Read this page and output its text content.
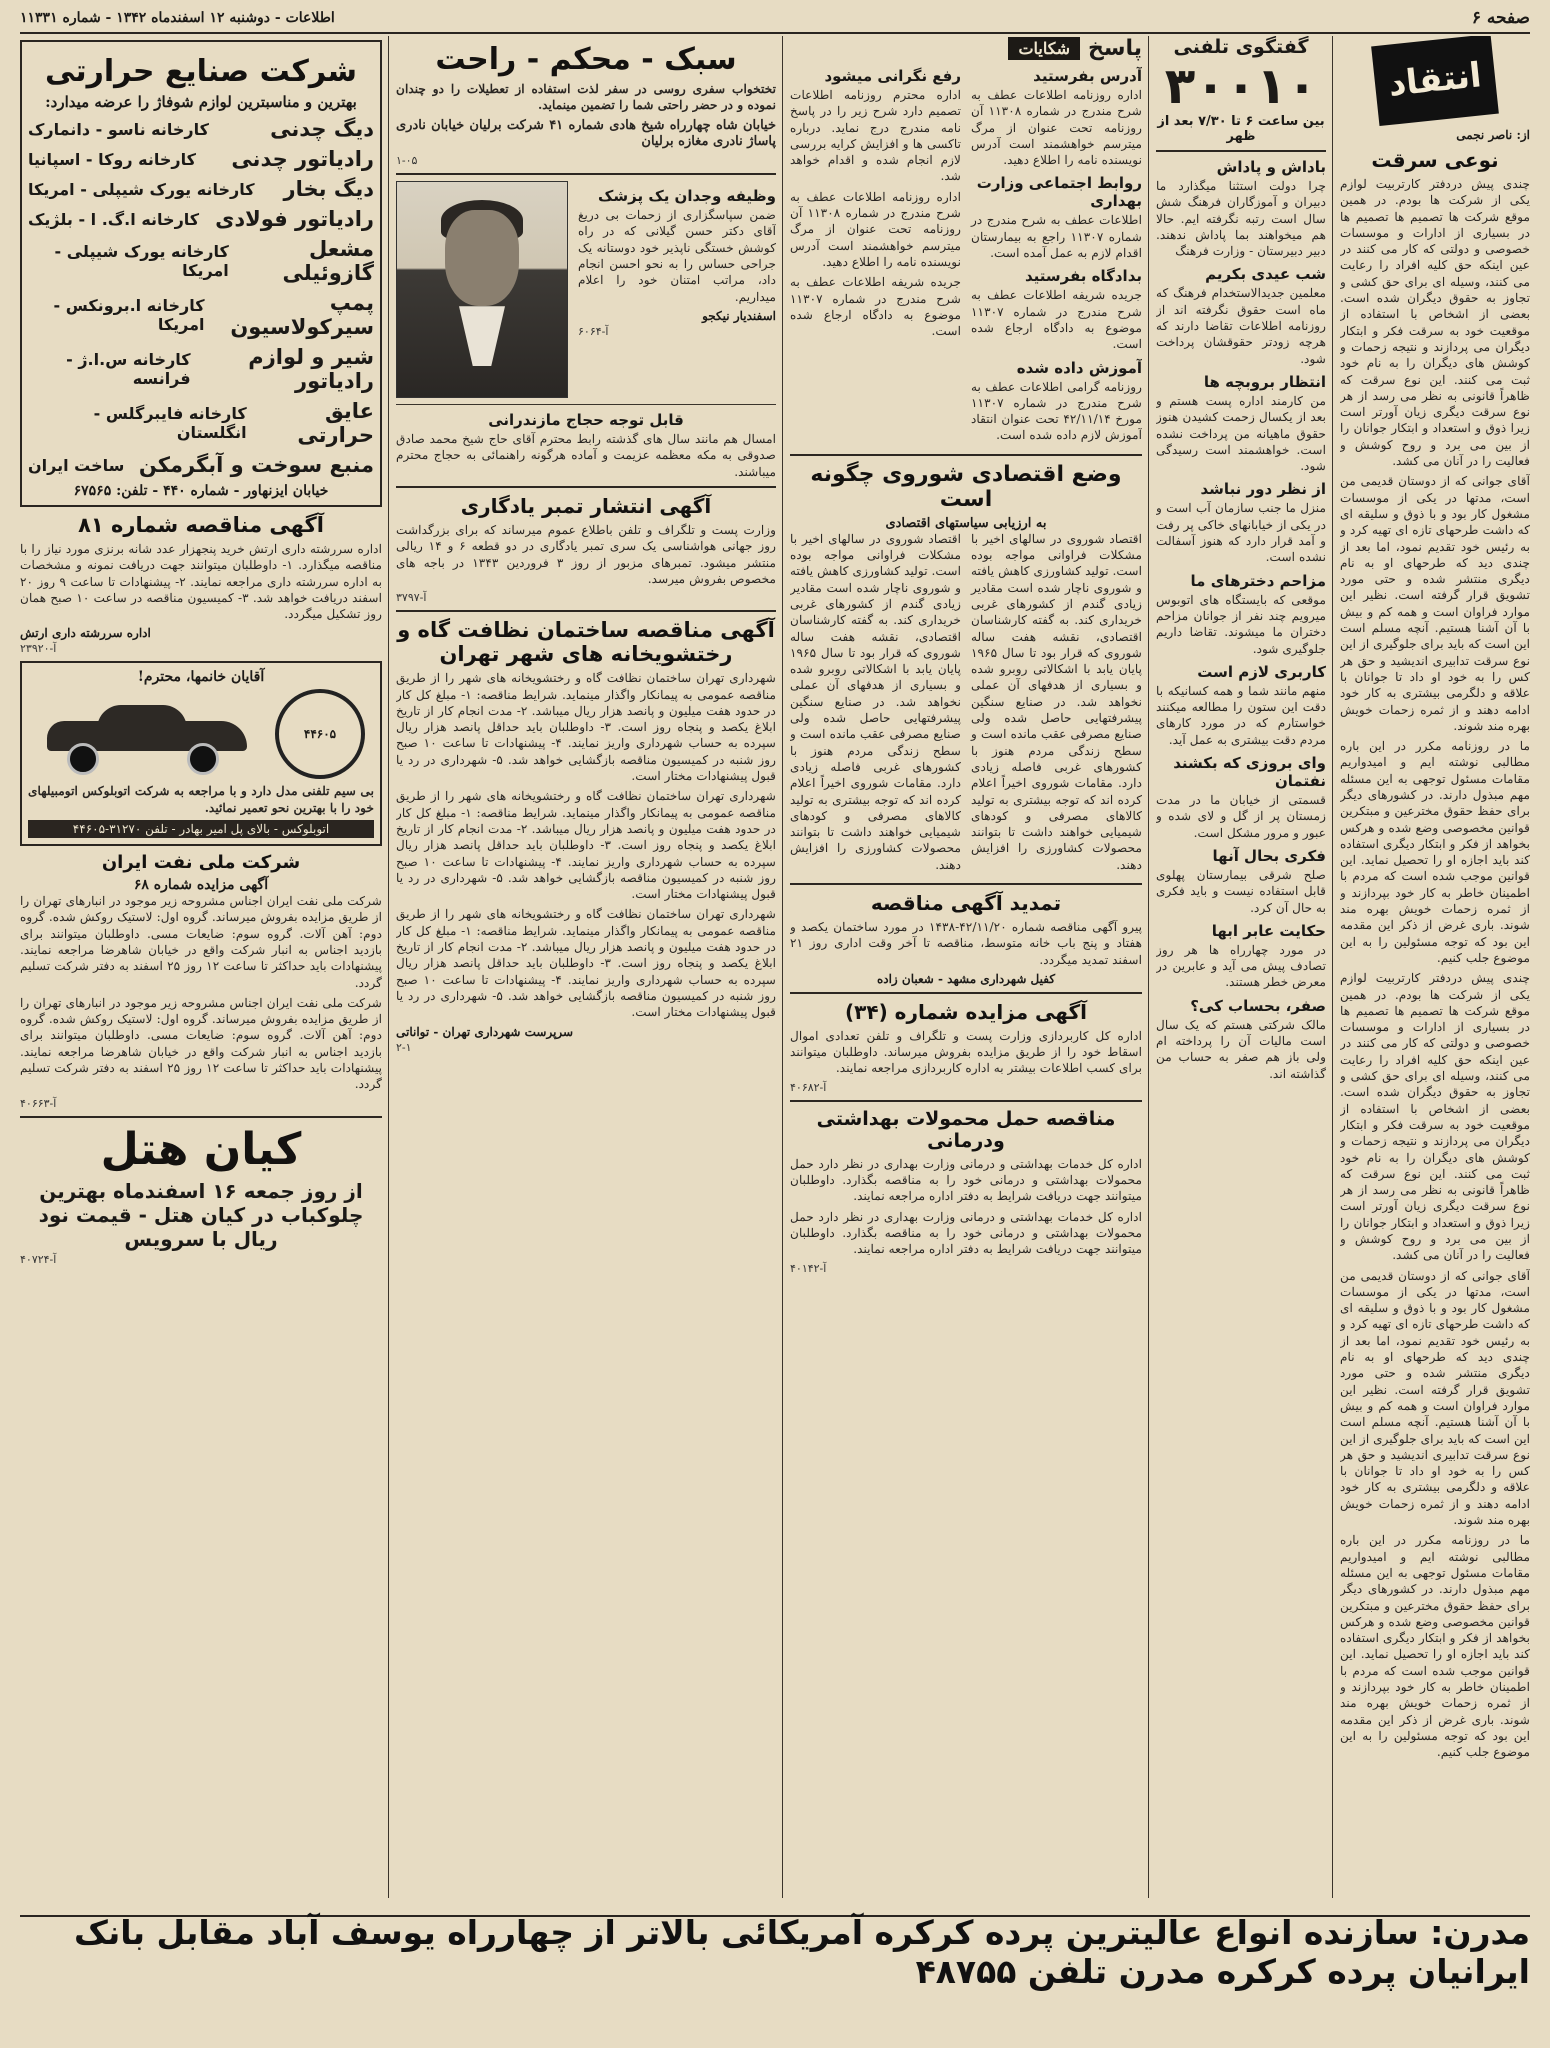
صفحه ۶
اطلاعات - دوشنبه ۱۲ اسفندماه ۱۳۴۲ - شماره ۱۱۳۳۱
انتقاد
از: ناصر نجمی
نوعی سرقت

چندی پیش دردفتر کارتربیت لوازم یکی از شرکت ها بودم. در همین موقع شرکت ها تصمیم ها تصمیم ها در بسیاری از ادارات و موسسات خصوصی و دولتی که کار می کنند در عین اینکه حق کلیه افراد را رعایت می کنند، وسیله ای برای حق کشی و تجاوز به حقوق دیگران شده است. بعضی از اشخاص با استفاده از موقعیت خود به سرقت فکر و ابتکار دیگران می پردازند و نتیجه زحمات و کوشش های دیگران را به نام خود ثبت می کنند. این نوع سرقت که ظاهراً قانونی به نظر می رسد از هر نوع سرقت دیگری زیان آورتر است زیرا ذوق و استعداد و ابتکار جوانان را از بین می برد و روح کوشش و فعالیت را در آنان می کشد.

آقای جوانی که از دوستان قدیمی من است، مدتها در یکی از موسسات مشغول کار بود و با ذوق و سلیقه ای که داشت طرحهای تازه ای تهیه کرد و به رئیس خود تقدیم نمود، اما بعد از چندی دید که طرحهای او به نام دیگری منتشر شده و حتی مورد تشویق قرار گرفته است. نظیر این موارد فراوان است و همه کم و بیش با آن آشنا هستیم. آنچه مسلم است این است که باید برای جلوگیری از این نوع سرقت تدابیری اندیشید و حق هر کس را به خود او داد تا جوانان با علاقه و دلگرمی بیشتری به کار خود ادامه دهند و از ثمره زحمات خویش بهره مند شوند.

ما در روزنامه مکرر در این باره مطالبی نوشته ایم و امیدواریم مقامات مسئول توجهی به این مسئله مهم مبذول دارند. در کشورهای دیگر برای حفظ حقوق مخترعین و مبتکرین قوانین مخصوصی وضع شده و هرکس بخواهد از فکر و ابتکار دیگری استفاده کند باید اجازه او را تحصیل نماید. این قوانین موجب شده است که مردم با اطمینان خاطر به کار خود بپردازند و از ثمره زحمات خویش بهره مند شوند. باری غرض از ذکر این مقدمه این بود که توجه مسئولین را به این موضوع جلب کنیم.

چندی پیش دردفتر کارتربیت لوازم یکی از شرکت ها بودم. در همین موقع شرکت ها تصمیم ها تصمیم ها در بسیاری از ادارات و موسسات خصوصی و دولتی که کار می کنند در عین اینکه حق کلیه افراد را رعایت می کنند، وسیله ای برای حق کشی و تجاوز به حقوق دیگران شده است. بعضی از اشخاص با استفاده از موقعیت خود به سرقت فکر و ابتکار دیگران می پردازند و نتیجه زحمات و کوشش های دیگران را به نام خود ثبت می کنند. این نوع سرقت که ظاهراً قانونی به نظر می رسد از هر نوع سرقت دیگری زیان آورتر است زیرا ذوق و استعداد و ابتکار جوانان را از بین می برد و روح کوشش و فعالیت را در آنان می کشد.

آقای جوانی که از دوستان قدیمی من است، مدتها در یکی از موسسات مشغول کار بود و با ذوق و سلیقه ای که داشت طرحهای تازه ای تهیه کرد و به رئیس خود تقدیم نمود، اما بعد از چندی دید که طرحهای او به نام دیگری منتشر شده و حتی مورد تشویق قرار گرفته است. نظیر این موارد فراوان است و همه کم و بیش با آن آشنا هستیم. آنچه مسلم است این است که باید برای جلوگیری از این نوع سرقت تدابیری اندیشید و حق هر کس را به خود او داد تا جوانان با علاقه و دلگرمی بیشتری به کار خود ادامه دهند و از ثمره زحمات خویش بهره مند شوند.

ما در روزنامه مکرر در این باره مطالبی نوشته ایم و امیدواریم مقامات مسئول توجهی به این مسئله مهم مبذول دارند. در کشورهای دیگر برای حفظ حقوق مخترعین و مبتکرین قوانین مخصوصی وضع شده و هرکس بخواهد از فکر و ابتکار دیگری استفاده کند باید اجازه او را تحصیل نماید. این قوانین موجب شده است که مردم با اطمینان خاطر به کار خود بپردازند و از ثمره زحمات خویش بهره مند شوند. باری غرض از ذکر این مقدمه این بود که توجه مسئولین را به این موضوع جلب کنیم.

گفتگوی تلفنی
۳۰۰۱۰
بین ساعت ۶ تا ۷/۳۰ بعد از ظهر
باداش و پاداش

چرا دولت استثنا میگذارد ما دبیران و آموزگاران فرهنگ شش سال است رتبه نگرفته ایم. حالا هم میخواهند بما پاداش ندهند. دبیر دبیرستان - وزارت فرهنگ

شب عیدی بکریم

معلمین جدیدالاستخدام فرهنگ که ماه است حقوق نگرفته اند از روزنامه اطلاعات تقاضا دارند که هرچه زودتر حقوقشان پرداخت شود.

انتظار بروبچه ها

من کارمند اداره پست هستم و بعد از یکسال زحمت کشیدن هنوز حقوق ماهیانه من پرداخت نشده است. خواهشمند است رسیدگی شود.

از نظر دور نباشد

منزل ما جنب سازمان آب است و در یکی از خیابانهای خاکی پر رفت و آمد قرار دارد که هنوز آسفالت نشده است.

مزاحم دخترهای ما

موقعی که بایستگاه های اتوبوس میرویم چند نفر از جوانان مزاحم دختران ما میشوند. تقاضا داریم جلوگیری شود.

کاربری لازم است

منهم مانند شما و همه کسانیکه با دقت این ستون را مطالعه میکنند خواستارم که در مورد کارهای مردم دقت بیشتری به عمل آید.

وای بروزی که بکشند نفتمان

قسمتی از خیابان ما در مدت زمستان پر از گل و لای شده و عبور و مرور مشکل است.

فکری بحال آنها

صلح شرقی بیمارستان پهلوی قابل استفاده نیست و باید فکری به حال آن کرد.

حکایت عابر ابها

در مورد چهارراه ها هر روز تصادف پیش می آید و عابرین در معرض خطر هستند.

صفر، بحساب کی؟

مالک شرکتی هستم که یک سال است مالیات آن را پرداخته ام ولی باز هم صفر به حساب من گذاشته اند.

پاسخ
شکایات
آدرس بفرستید

اداره روزنامه اطلاعات عطف به شرح مندرج در شماره ۱۱۳۰۸ آن روزنامه تحت عنوان از مرگ میترسم خواهشمند است آدرس نویسنده نامه را اطلاع دهید.

روابط اجتماعی وزارت بهداری

اطلاعات عطف به شرح مندرج در شماره ۱۱۳۰۷ راجع به بیمارستان اقدام لازم به عمل آمده است.

بدادگاه بفرستید

جریده شریفه اطلاعات عطف به شرح مندرج در شماره ۱۱۳۰۷ موضوع به دادگاه ارجاع شده است.

آموزش داده شده

روزنامه گرامی اطلاعات عطف به شرح مندرج در شماره ۱۱۳۰۷ مورخ ۴۲/۱۱/۱۴ تحت عنوان انتقاد آموزش لازم داده شده است.

رفع نگرانی میشود

اداره محترم روزنامه اطلاعات تصمیم دارد شرح زیر را در پاسخ نامه مندرج درج نماید. درباره تاکسی ها و افزایش کرایه بررسی لازم انجام شده و اقدام خواهد شد.

اداره روزنامه اطلاعات عطف به شرح مندرج در شماره ۱۱۳۰۸ آن روزنامه تحت عنوان از مرگ میترسم خواهشمند است آدرس نویسنده نامه را اطلاع دهید.

جریده شریفه اطلاعات عطف به شرح مندرج در شماره ۱۱۳۰۷ موضوع به دادگاه ارجاع شده است.

وضع اقتصادی شوروی چگونه است
به ارزیابی سیاستهای اقتصادی

اقتصاد شوروی در سالهای اخیر با مشکلات فراوانی مواجه بوده است. تولید کشاورزی کاهش یافته و شوروی ناچار شده است مقادیر زیادی گندم از کشورهای غربی خریداری کند. به گفته کارشناسان اقتصادی، نقشه هفت ساله شوروی که قرار بود تا سال ۱۹۶۵ پایان یابد با اشکالاتی روبرو شده و بسیاری از هدفهای آن عملی نخواهد شد. در صنایع سنگین پیشرفتهایی حاصل شده ولی صنایع مصرفی عقب مانده است و سطح زندگی مردم هنوز با کشورهای غربی فاصله زیادی دارد. مقامات شوروی اخیراً اعلام کرده اند که توجه بیشتری به تولید کالاهای مصرفی و کودهای شیمیایی خواهند داشت تا بتوانند محصولات کشاورزی را افزایش دهند.

اقتصاد شوروی در سالهای اخیر با مشکلات فراوانی مواجه بوده است. تولید کشاورزی کاهش یافته و شوروی ناچار شده است مقادیر زیادی گندم از کشورهای غربی خریداری کند. به گفته کارشناسان اقتصادی، نقشه هفت ساله شوروی که قرار بود تا سال ۱۹۶۵ پایان یابد با اشکالاتی روبرو شده و بسیاری از هدفهای آن عملی نخواهد شد. در صنایع سنگین پیشرفتهایی حاصل شده ولی صنایع مصرفی عقب مانده است و سطح زندگی مردم هنوز با کشورهای غربی فاصله زیادی دارد. مقامات شوروی اخیراً اعلام کرده اند که توجه بیشتری به تولید کالاهای مصرفی و کودهای شیمیایی خواهند داشت تا بتوانند محصولات کشاورزی را افزایش دهند.

تمدید آگهی مناقصه

پیرو آگهی مناقصه شماره ۴۲/۱۱/۲۰-۱۴۳۸ در مورد ساختمان یکصد و هفتاد و پنج باب خانه متوسط، مناقصه تا آخر وقت اداری روز ۲۱ اسفند تمدید میگردد.

کفیل شهرداری مشهد - شعبان زاده
آگهی مزایده شماره (۳۴)

اداره کل کاربردازی وزارت پست و تلگراف و تلفن تعدادی اموال اسقاط خود را از طریق مزایده بفروش میرساند. داوطلبان میتوانند برای کسب اطلاعات بیشتر به اداره کاربردازی مراجعه نمایند.

آ-۴۰۶۸۲
مناقصه حمل محمولات بهداشتی ودرمانی

اداره کل خدمات بهداشتی و درمانی وزارت بهداری در نظر دارد حمل محمولات بهداشتی و درمانی خود را به مناقصه بگذارد. داوطلبان میتوانند جهت دریافت شرایط به دفتر اداره مراجعه نمایند.

اداره کل خدمات بهداشتی و درمانی وزارت بهداری در نظر دارد حمل محمولات بهداشتی و درمانی خود را به مناقصه بگذارد. داوطلبان میتوانند جهت دریافت شرایط به دفتر اداره مراجعه نمایند.

آ-۴۰۱۴۲
سبک - محکم - راحت

تختخواب سفری روسی در سفر لذت استفاده از تعطیلات را دو چندان نموده و در حضر راحتی شما را تضمین مینماید.

خیابان شاه چهارراه شیخ هادی شماره ۴۱ شرکت برلیان خیابان نادری پاساژ نادری مغازه برلیان

۱-۰۵
وظیفه وجدان یک پزشک

ضمن سپاسگزاری از زحمات بی دریغ آقای دکتر حسن گیلانی که در راه کوشش خستگی ناپذیر خود دوستانه یک جراحی حساس را به نحو احسن انجام داد، مراتب امتنان خود را اعلام میداریم.

اسفندیار نیکجو
آ-۶۰۶۴
قابل توجه حجاج مازندرانی

امسال هم مانند سال های گذشته رابط محترم آقای حاج شیخ محمد صادق صدوقی به مکه معظمه عزیمت و آماده هرگونه راهنمائی به حجاج محترم میباشند.

آگهی انتشار تمبر یادگاری

وزارت پست و تلگراف و تلفن باطلاع عموم میرساند که برای بزرگداشت روز جهانی هواشناسی یک سری تمبر یادگاری در دو قطعه ۶ و ۱۴ ریالی منتشر میشود. تمبرهای مزبور از روز ۳ فروردین ۱۳۴۳ در باجه های مخصوص بفروش میرسد.

آ-۳۷۹۷
آگهی مناقصه ساختمان نظافت گاه و رختشویخانه های شهر تهران

شهرداری تهران ساختمان نظافت گاه و رختشویخانه های شهر را از طریق مناقصه عمومی به پیمانکار واگذار مینماید. شرایط مناقصه: ۱- مبلغ کل کار در حدود هفت میلیون و پانصد هزار ریال میباشد. ۲- مدت انجام کار از تاریخ ابلاغ یکصد و پنجاه روز است. ۳- داوطلبان باید حداقل پانصد هزار ریال سپرده به حساب شهرداری واریز نمایند. ۴- پیشنهادات تا ساعت ۱۰ صبح روز شنبه در کمیسیون مناقصه بازگشایی خواهد شد. ۵- شهرداری در رد یا قبول پیشنهادات مختار است.

شهرداری تهران ساختمان نظافت گاه و رختشویخانه های شهر را از طریق مناقصه عمومی به پیمانکار واگذار مینماید. شرایط مناقصه: ۱- مبلغ کل کار در حدود هفت میلیون و پانصد هزار ریال میباشد. ۲- مدت انجام کار از تاریخ ابلاغ یکصد و پنجاه روز است. ۳- داوطلبان باید حداقل پانصد هزار ریال سپرده به حساب شهرداری واریز نمایند. ۴- پیشنهادات تا ساعت ۱۰ صبح روز شنبه در کمیسیون مناقصه بازگشایی خواهد شد. ۵- شهرداری در رد یا قبول پیشنهادات مختار است.

شهرداری تهران ساختمان نظافت گاه و رختشویخانه های شهر را از طریق مناقصه عمومی به پیمانکار واگذار مینماید. شرایط مناقصه: ۱- مبلغ کل کار در حدود هفت میلیون و پانصد هزار ریال میباشد. ۲- مدت انجام کار از تاریخ ابلاغ یکصد و پنجاه روز است. ۳- داوطلبان باید حداقل پانصد هزار ریال سپرده به حساب شهرداری واریز نمایند. ۴- پیشنهادات تا ساعت ۱۰ صبح روز شنبه در کمیسیون مناقصه بازگشایی خواهد شد. ۵- شهرداری در رد یا قبول پیشنهادات مختار است.

سرپرست شهرداری تهران - تواناتی
۲-۱
شرکت صنایع حرارتی
بهترین و مناسبترین لوازم شوفاژ را عرضه میدارد:
دیگ چدنی
کارخانه ناسو - دانمارک
رادیاتور چدنی
کارخانه روکا - اسپانیا
دیگ بخار
کارخانه یورک شیپلی - امریکا
رادیاتور فولادی
کارخانه ا.گ. ا - بلژیک
مشعل گازوئیلی
کارخانه یورک شیپلی - امریکا
پمپ سیرکولاسیون
کارخانه ا.برونکس - امریکا
شیر و لوازم رادیاتور
کارخانه س.ا.ژ - فرانسه
عایق حرارتی
کارخانه فایبرگلس - انگلستان
منبع سوخت و آبگرمکن
ساخت ایران
خیابان ایزنهاور - شماره ۴۴۰ - تلفن: ۶۷۵۶۵
آگهی مناقصه شماره ۸۱

اداره سررشته داری ارتش خرید پنجهزار عدد شانه برنزی مورد نیاز را با مناقصه میگذارد. ۱- داوطلبان میتوانند جهت دریافت نمونه و مشخصات به اداره سررشته داری مراجعه نمایند. ۲- پیشنهادات تا ساعت ۹ روز ۲۰ اسفند دریافت خواهد شد. ۳- کمیسیون مناقصه در ساعت ۱۰ صبح همان روز تشکیل میگردد.

اداره سررشته داری ارتش
آ-۲۳۹۲۰
آقایان خانمها، محترم!
۴۴۶۰۵

بی سیم تلفنی مدل دارد و با مراجعه به شرکت اتوبلوکس اتومبیلهای خود را با بهترین نحو تعمیر نمائید.

اتوبلوکس - بالای پل امیر بهادر - تلفن ۳۱۲۷۰-۴۴۶۰۵
شرکت ملی نفت ایران
آگهی مزایده شماره ۶۸

شرکت ملی نفت ایران اجناس مشروحه زیر موجود در انبارهای تهران را از طریق مزایده بفروش میرساند. گروه اول: لاستیک روکش شده. گروه دوم: آهن آلات. گروه سوم: ضایعات مسی. داوطلبان میتوانند برای بازدید اجناس به انبار شرکت واقع در خیابان شاهرضا مراجعه نمایند. پیشنهادات باید حداکثر تا ساعت ۱۲ روز ۲۵ اسفند به دفتر شرکت تسلیم گردد.

شرکت ملی نفت ایران اجناس مشروحه زیر موجود در انبارهای تهران را از طریق مزایده بفروش میرساند. گروه اول: لاستیک روکش شده. گروه دوم: آهن آلات. گروه سوم: ضایعات مسی. داوطلبان میتوانند برای بازدید اجناس به انبار شرکت واقع در خیابان شاهرضا مراجعه نمایند. پیشنهادات باید حداکثر تا ساعت ۱۲ روز ۲۵ اسفند به دفتر شرکت تسلیم گردد.

آ-۴۰۶۶۳
کیان هتل
از روز جمعه ۱۶ اسفندماه بهترین چلوکباب در کیان هتل - قیمت نود ریال با سرویس
آ-۴۰۷۲۴
مدرن: سازنده انواع عالیترین پرده کرکره آمریکائی بالاتر از چهارراه یوسف آباد مقابل بانک ایرانیان پرده کرکره مدرن تلفن ۴۸۷۵۵
